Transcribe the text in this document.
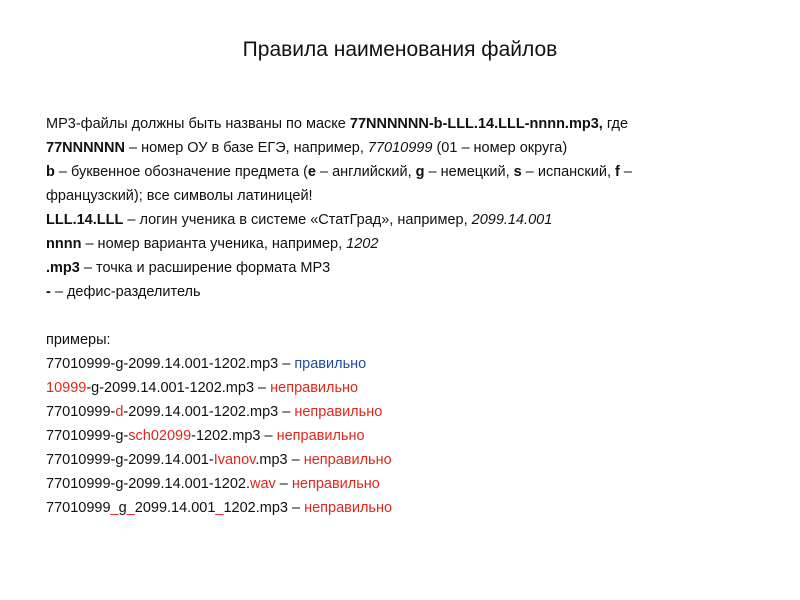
Правила наименования файлов
MP3-файлы должны быть названы по маске 77NNNNNN-b-LLL.14.LLL-nnnn.mp3, где
77NNNNNN – номер ОУ в базе ЕГЭ, например, 77010999 (01 – номер округа)
b – буквенное обозначение предмета (e – английский, g – немецкий, s – испанский, f –
французский); все символы латиницей!
LLL.14.LLL – логин ученика в системе «СтатГрад», например, 2099.14.001
nnnn – номер варианта ученика, например, 1202
.mp3 – точка и расширение формата MP3
- – дефис-разделитель
примеры:
77010999-g-2099.14.001-1202.mp3 – правильно
10999-g-2099.14.001-1202.mp3 – неправильно
77010999-d-2099.14.001-1202.mp3 – неправильно
77010999-g-sch02099-1202.mp3 – неправильно
77010999-g-2099.14.001-Ivanov.mp3 – неправильно
77010999-g-2099.14.001-1202.wav – неправильно
77010999_g_2099.14.001_1202.mp3 – неправильно
